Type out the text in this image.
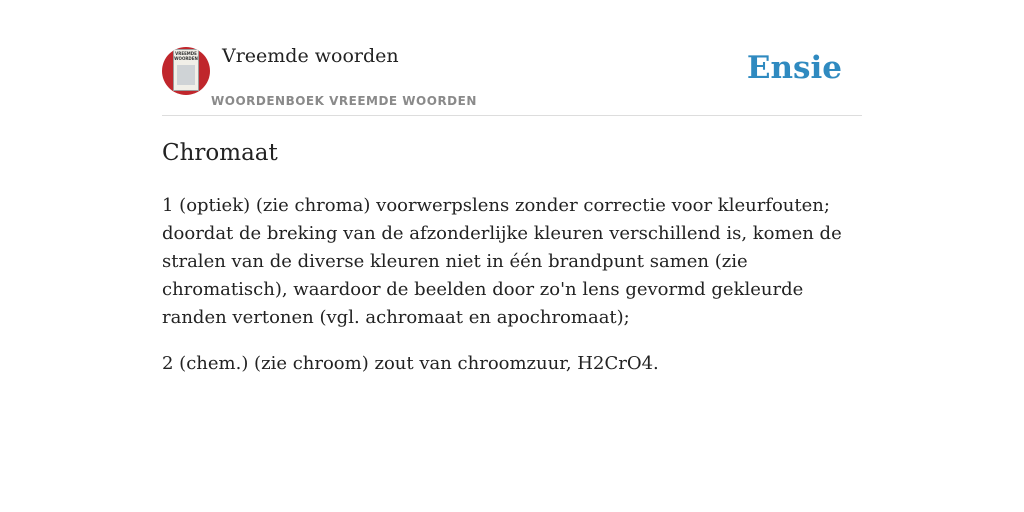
VREEMDE WOORDEN Vreemde woorden
WOORDENBOEK VREEMDE WOORDEN
Ensie
Chromaat

1 (optiek) (zie chroma) voorwerpslens zonder correctie voor kleurfouten; doordat de breking van de afzonderlijke kleuren verschillend is, komen de stralen van de diverse kleuren niet in één brandpunt samen (zie chromatisch), waardoor de beelden door zo'n lens gevormd gekleurde randen vertonen (vgl. achromaat en apochromaat);

2 (chem.) (zie chroom) zout van chroomzuur, H2CrO4.
